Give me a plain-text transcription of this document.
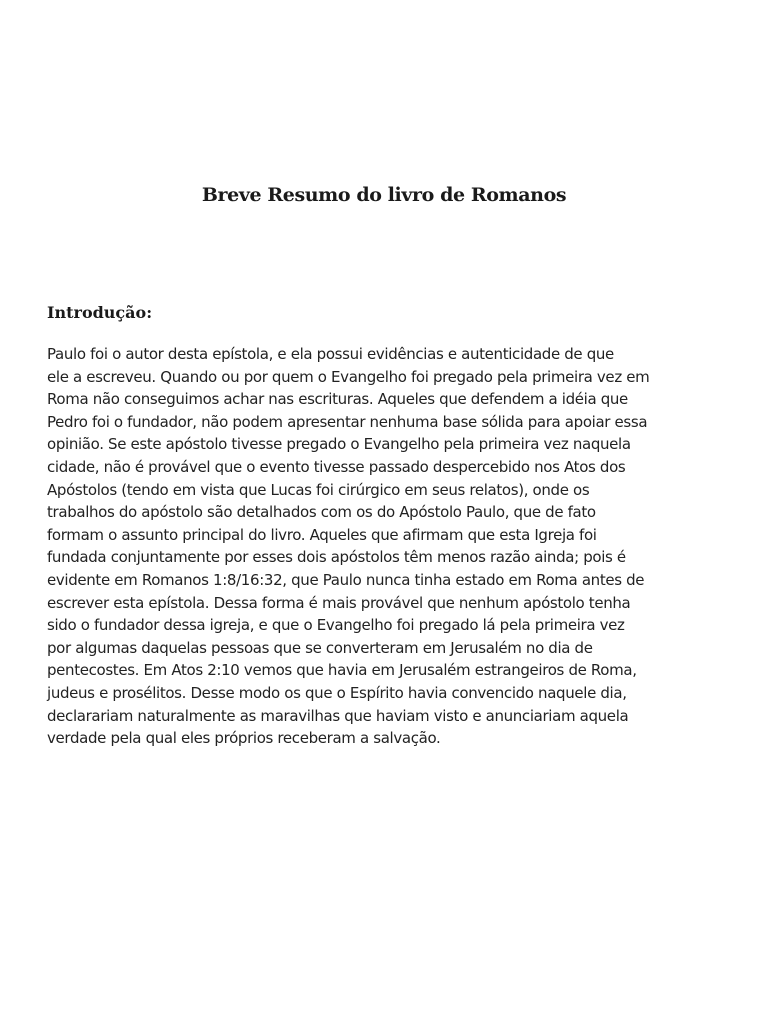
Breve Resumo do livro de Romanos
Introdução:
Paulo foi o autor desta epístola, e ela possui evidências e autenticidade de que
ele a escreveu. Quando ou por quem o Evangelho foi pregado pela primeira vez em
Roma não conseguimos achar nas escrituras. Aqueles que defendem a idéia que
Pedro foi o fundador, não podem apresentar nenhuma base sólida para apoiar essa
opinião. Se este apóstolo tivesse pregado o Evangelho pela primeira vez naquela
cidade, não é provável que o evento tivesse passado despercebido nos Atos dos
Apóstolos (tendo em vista que Lucas foi cirúrgico em seus relatos), onde os
trabalhos do apóstolo são detalhados com os do Apóstolo Paulo, que de fato
formam o assunto principal do livro. Aqueles que afirmam que esta Igreja foi
fundada conjuntamente por esses dois apóstolos têm menos razão ainda; pois é
evidente em Romanos 1:8/16:32, que Paulo nunca tinha estado em Roma antes de
escrever esta epístola. Dessa forma é mais provável que nenhum apóstolo tenha
sido o fundador dessa igreja, e que o Evangelho foi pregado lá pela primeira vez
por algumas daquelas pessoas que se converteram em Jerusalém no dia de
pentecostes. Em Atos 2:10 vemos que havia em Jerusalém estrangeiros de Roma,
judeus e prosélitos. Desse modo os que o Espírito havia convencido naquele dia,
declarariam naturalmente as maravilhas que haviam visto e anunciariam aquela
verdade pela qual eles próprios receberam a salvação.
